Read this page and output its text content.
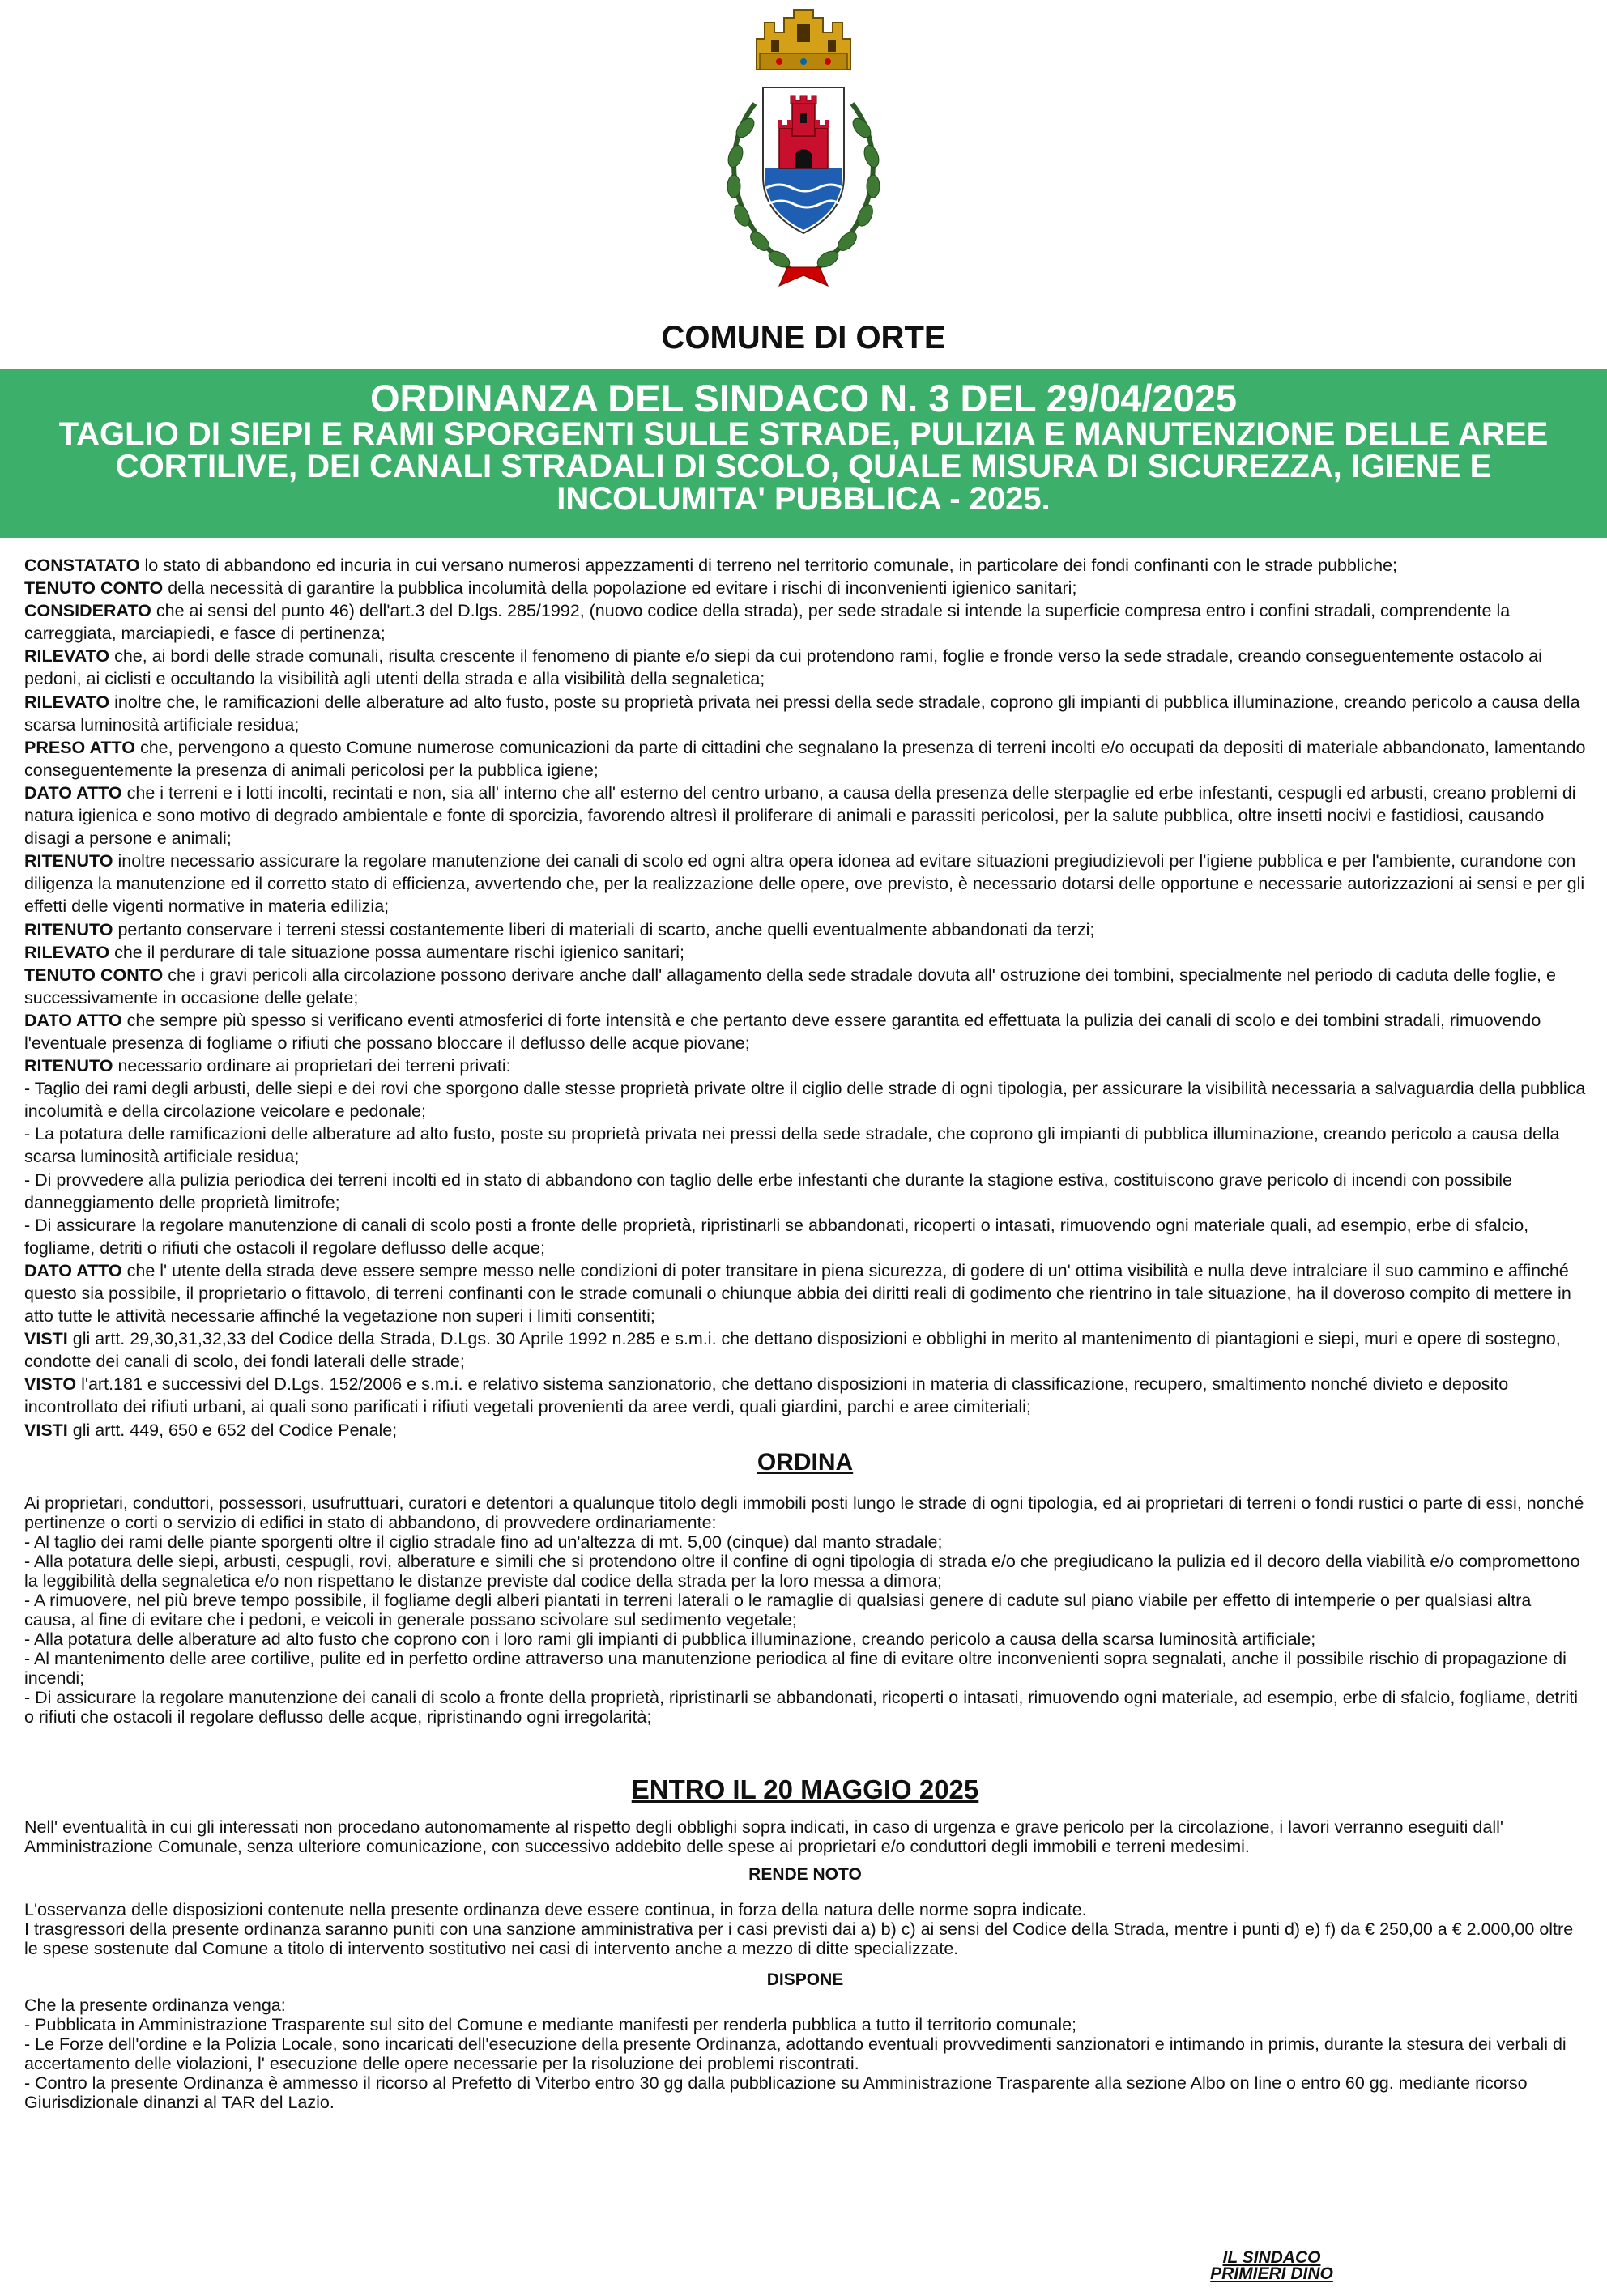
COMUNE DI ORTE
ORDINANZA DEL SINDACO N. 3 DEL 29/04/2025
TAGLIO DI SIEPI E RAMI SPORGENTI SULLE STRADE, PULIZIA E MANUTENZIONE DELLE AREE CORTILIVE, DEI CANALI STRADALI DI SCOLO, QUALE MISURA DI SICUREZZA, IGIENE E INCOLUMITA' PUBBLICA - 2025.

CONSTATATO lo stato di abbandono ed incuria in cui versano numerosi appezzamenti di terreno nel territorio comunale, in particolare dei fondi confinanti con le strade pubbliche;

TENUTO CONTO della necessità di garantire la pubblica incolumità della popolazione ed evitare i rischi di inconvenienti igienico sanitari;

CONSIDERATO che ai sensi del punto 46) dell'art.3 del D.lgs. 285/1992, (nuovo codice della strada), per sede stradale si intende la superficie compresa entro i confini stradali, comprendente la carreggiata, marciapiedi, e fasce di pertinenza;

RILEVATO che, ai bordi delle strade comunali, risulta crescente il fenomeno di piante e/o siepi da cui protendono rami, foglie e fronde verso la sede stradale, creando conseguentemente ostacolo ai pedoni, ai ciclisti e occultando la visibilità agli utenti della strada e alla visibilità della segnaletica;

RILEVATO inoltre che, le ramificazioni delle alberature ad alto fusto, poste su proprietà privata nei pressi della sede stradale, coprono gli impianti di pubblica illuminazione, creando pericolo a causa della scarsa luminosità artificiale residua;

PRESO ATTO che, pervengono a questo Comune numerose comunicazioni da parte di cittadini che segnalano la presenza di terreni incolti e/o occupati da depositi di materiale abbandonato, lamentando conseguentemente la presenza di animali pericolosi per la pubblica igiene;

DATO ATTO che i terreni e i lotti incolti, recintati e non, sia all' interno che all' esterno del centro urbano, a causa della presenza delle sterpaglie ed erbe infestanti, cespugli ed arbusti, creano problemi di natura igienica e sono motivo di degrado ambientale e fonte di sporcizia, favorendo altresì il proliferare di animali e parassiti pericolosi, per la salute pubblica, oltre insetti nocivi e fastidiosi, causando disagi a persone e animali;

RITENUTO inoltre necessario assicurare la regolare manutenzione dei canali di scolo ed ogni altra opera idonea ad evitare situazioni pregiudizievoli per l'igiene pubblica e per l'ambiente, curandone con diligenza la manutenzione ed il corretto stato di efficienza, avvertendo che, per la realizzazione delle opere, ove previsto, è necessario dotarsi delle opportune e necessarie autorizzazioni ai sensi e per gli effetti delle vigenti normative in materia edilizia;

RITENUTO pertanto conservare i terreni stessi costantemente liberi di materiali di scarto, anche quelli eventualmente abbandonati da terzi;

RILEVATO che il perdurare di tale situazione possa aumentare rischi igienico sanitari;

TENUTO CONTO che i gravi pericoli alla circolazione possono derivare anche dall' allagamento della sede stradale dovuta all' ostruzione dei tombini, specialmente nel periodo di caduta delle foglie, e successivamente in occasione delle gelate;

DATO ATTO che sempre più spesso si verificano eventi atmosferici di forte intensità e che pertanto deve essere garantita ed effettuata la pulizia dei canali di scolo e dei tombini stradali, rimuovendo l'eventuale presenza di fogliame o rifiuti che possano bloccare il deflusso delle acque piovane;

RITENUTO necessario ordinare ai proprietari dei terreni privati:

- Taglio dei rami degli arbusti, delle siepi e dei rovi che sporgono dalle stesse proprietà private oltre il ciglio delle strade di ogni tipologia, per assicurare la visibilità necessaria a salvaguardia della pubblica incolumità e della circolazione veicolare e pedonale;

- La potatura delle ramificazioni delle alberature ad alto fusto, poste su proprietà privata nei pressi della sede stradale, che coprono gli impianti di pubblica illuminazione, creando pericolo a causa della scarsa luminosità artificiale residua;

- Di provvedere alla pulizia periodica dei terreni incolti ed in stato di abbandono con taglio delle erbe infestanti che durante la stagione estiva, costituiscono grave pericolo di incendi con possibile danneggiamento delle proprietà limitrofe;

- Di assicurare la regolare manutenzione di canali di scolo posti a fronte delle proprietà, ripristinarli se abbandonati, ricoperti o intasati, rimuovendo ogni materiale quali, ad esempio, erbe di sfalcio, fogliame, detriti o rifiuti che ostacoli il regolare deflusso delle acque;

DATO ATTO che l' utente della strada deve essere sempre messo nelle condizioni di poter transitare in piena sicurezza, di godere di un' ottima visibilità e nulla deve intralciare il suo cammino e affinché questo sia possibile, il proprietario o fittavolo, di terreni confinanti con le strade comunali o chiunque abbia dei diritti reali di godimento che rientrino in tale situazione, ha il doveroso compito di mettere in atto tutte le attività necessarie affinché la vegetazione non superi i limiti consentiti;

VISTI gli artt. 29,30,31,32,33 del Codice della Strada, D.Lgs. 30 Aprile 1992 n.285 e s.m.i. che dettano disposizioni e obblighi in merito al mantenimento di piantagioni e siepi, muri e opere di sostegno, condotte dei canali di scolo, dei fondi laterali delle strade;

VISTO l'art.181 e successivi del D.Lgs. 152/2006 e s.m.i. e relativo sistema sanzionatorio, che dettano disposizioni in materia di classificazione, recupero, smaltimento nonché divieto e deposito incontrollato dei rifiuti urbani, ai quali sono parificati i rifiuti vegetali provenienti da aree verdi, quali giardini, parchi e aree cimiteriali;

VISTI gli artt. 449, 650 e 652 del Codice Penale;

ORDINA

Ai proprietari, conduttori, possessori, usufruttuari, curatori e detentori a qualunque titolo degli immobili posti lungo le strade di ogni tipologia, ed ai proprietari di terreni o fondi rustici o parte di essi, nonché pertinenze o corti o servizio di edifici in stato di abbandono, di provvedere ordinariamente:

- Al taglio dei rami delle piante sporgenti oltre il ciglio stradale fino ad un'altezza di mt. 5,00 (cinque) dal manto stradale;

- Alla potatura delle siepi, arbusti, cespugli, rovi, alberature e simili che si protendono oltre il confine di ogni tipologia di strada e/o che pregiudicano la pulizia ed il decoro della viabilità e/o compromettono la leggibilità della segnaletica e/o non rispettano le distanze previste dal codice della strada per la loro messa a dimora;

- A rimuovere, nel più breve tempo possibile, il fogliame degli alberi piantati in terreni laterali o le ramaglie di qualsiasi genere di cadute sul piano viabile per effetto di intemperie o per qualsiasi altra causa, al fine di evitare che i pedoni, e veicoli in generale possano scivolare sul sedimento vegetale;

- Alla potatura delle alberature ad alto fusto che coprono con i loro rami gli impianti di pubblica illuminazione, creando pericolo a causa della scarsa luminosità artificiale;

- Al mantenimento delle aree cortilive, pulite ed in perfetto ordine attraverso una manutenzione periodica al fine di evitare oltre inconvenienti sopra segnalati, anche il possibile rischio di propagazione di incendi;

- Di assicurare la regolare manutenzione dei canali di scolo a fronte della proprietà, ripristinarli se abbandonati, ricoperti o intasati, rimuovendo ogni materiale, ad esempio, erbe di sfalcio, fogliame, detriti o rifiuti che ostacoli il regolare deflusso delle acque, ripristinando ogni irregolarità;

ENTRO IL 20 MAGGIO 2025

Nell' eventualità in cui gli interessati non procedano autonomamente al rispetto degli obblighi sopra indicati, in caso di urgenza e grave pericolo per la circolazione, i lavori verranno eseguiti dall' Amministrazione Comunale, senza ulteriore comunicazione, con successivo addebito delle spese ai proprietari e/o conduttori degli immobili e terreni medesimi.

RENDE NOTO

L'osservanza delle disposizioni contenute nella presente ordinanza deve essere continua, in forza della natura delle norme sopra indicate.

I trasgressori della presente ordinanza saranno puniti con una sanzione amministrativa per i casi previsti dai a) b) c) ai sensi del Codice della Strada, mentre i punti d) e) f) da € 250,00 a € 2.000,00 oltre le spese sostenute dal Comune a titolo di intervento sostitutivo nei casi di intervento anche a mezzo di ditte specializzate.

DISPONE

Che la presente ordinanza venga:

- Pubblicata in Amministrazione Trasparente sul sito del Comune e mediante manifesti per renderla pubblica a tutto il territorio comunale;

- Le Forze dell'ordine e la Polizia Locale, sono incaricati dell'esecuzione della presente Ordinanza, adottando eventuali provvedimenti sanzionatori e intimando in primis, durante la stesura dei verbali di accertamento delle violazioni, l' esecuzione delle opere necessarie per la risoluzione dei problemi riscontrati.

- Contro la presente Ordinanza è ammesso il ricorso al Prefetto di Viterbo entro 30 gg dalla pubblicazione su Amministrazione Trasparente alla sezione Albo on line o entro 60 gg. mediante ricorso Giurisdizionale dinanzi al TAR del Lazio.

IL SINDACO
PRIMIERI DINO
